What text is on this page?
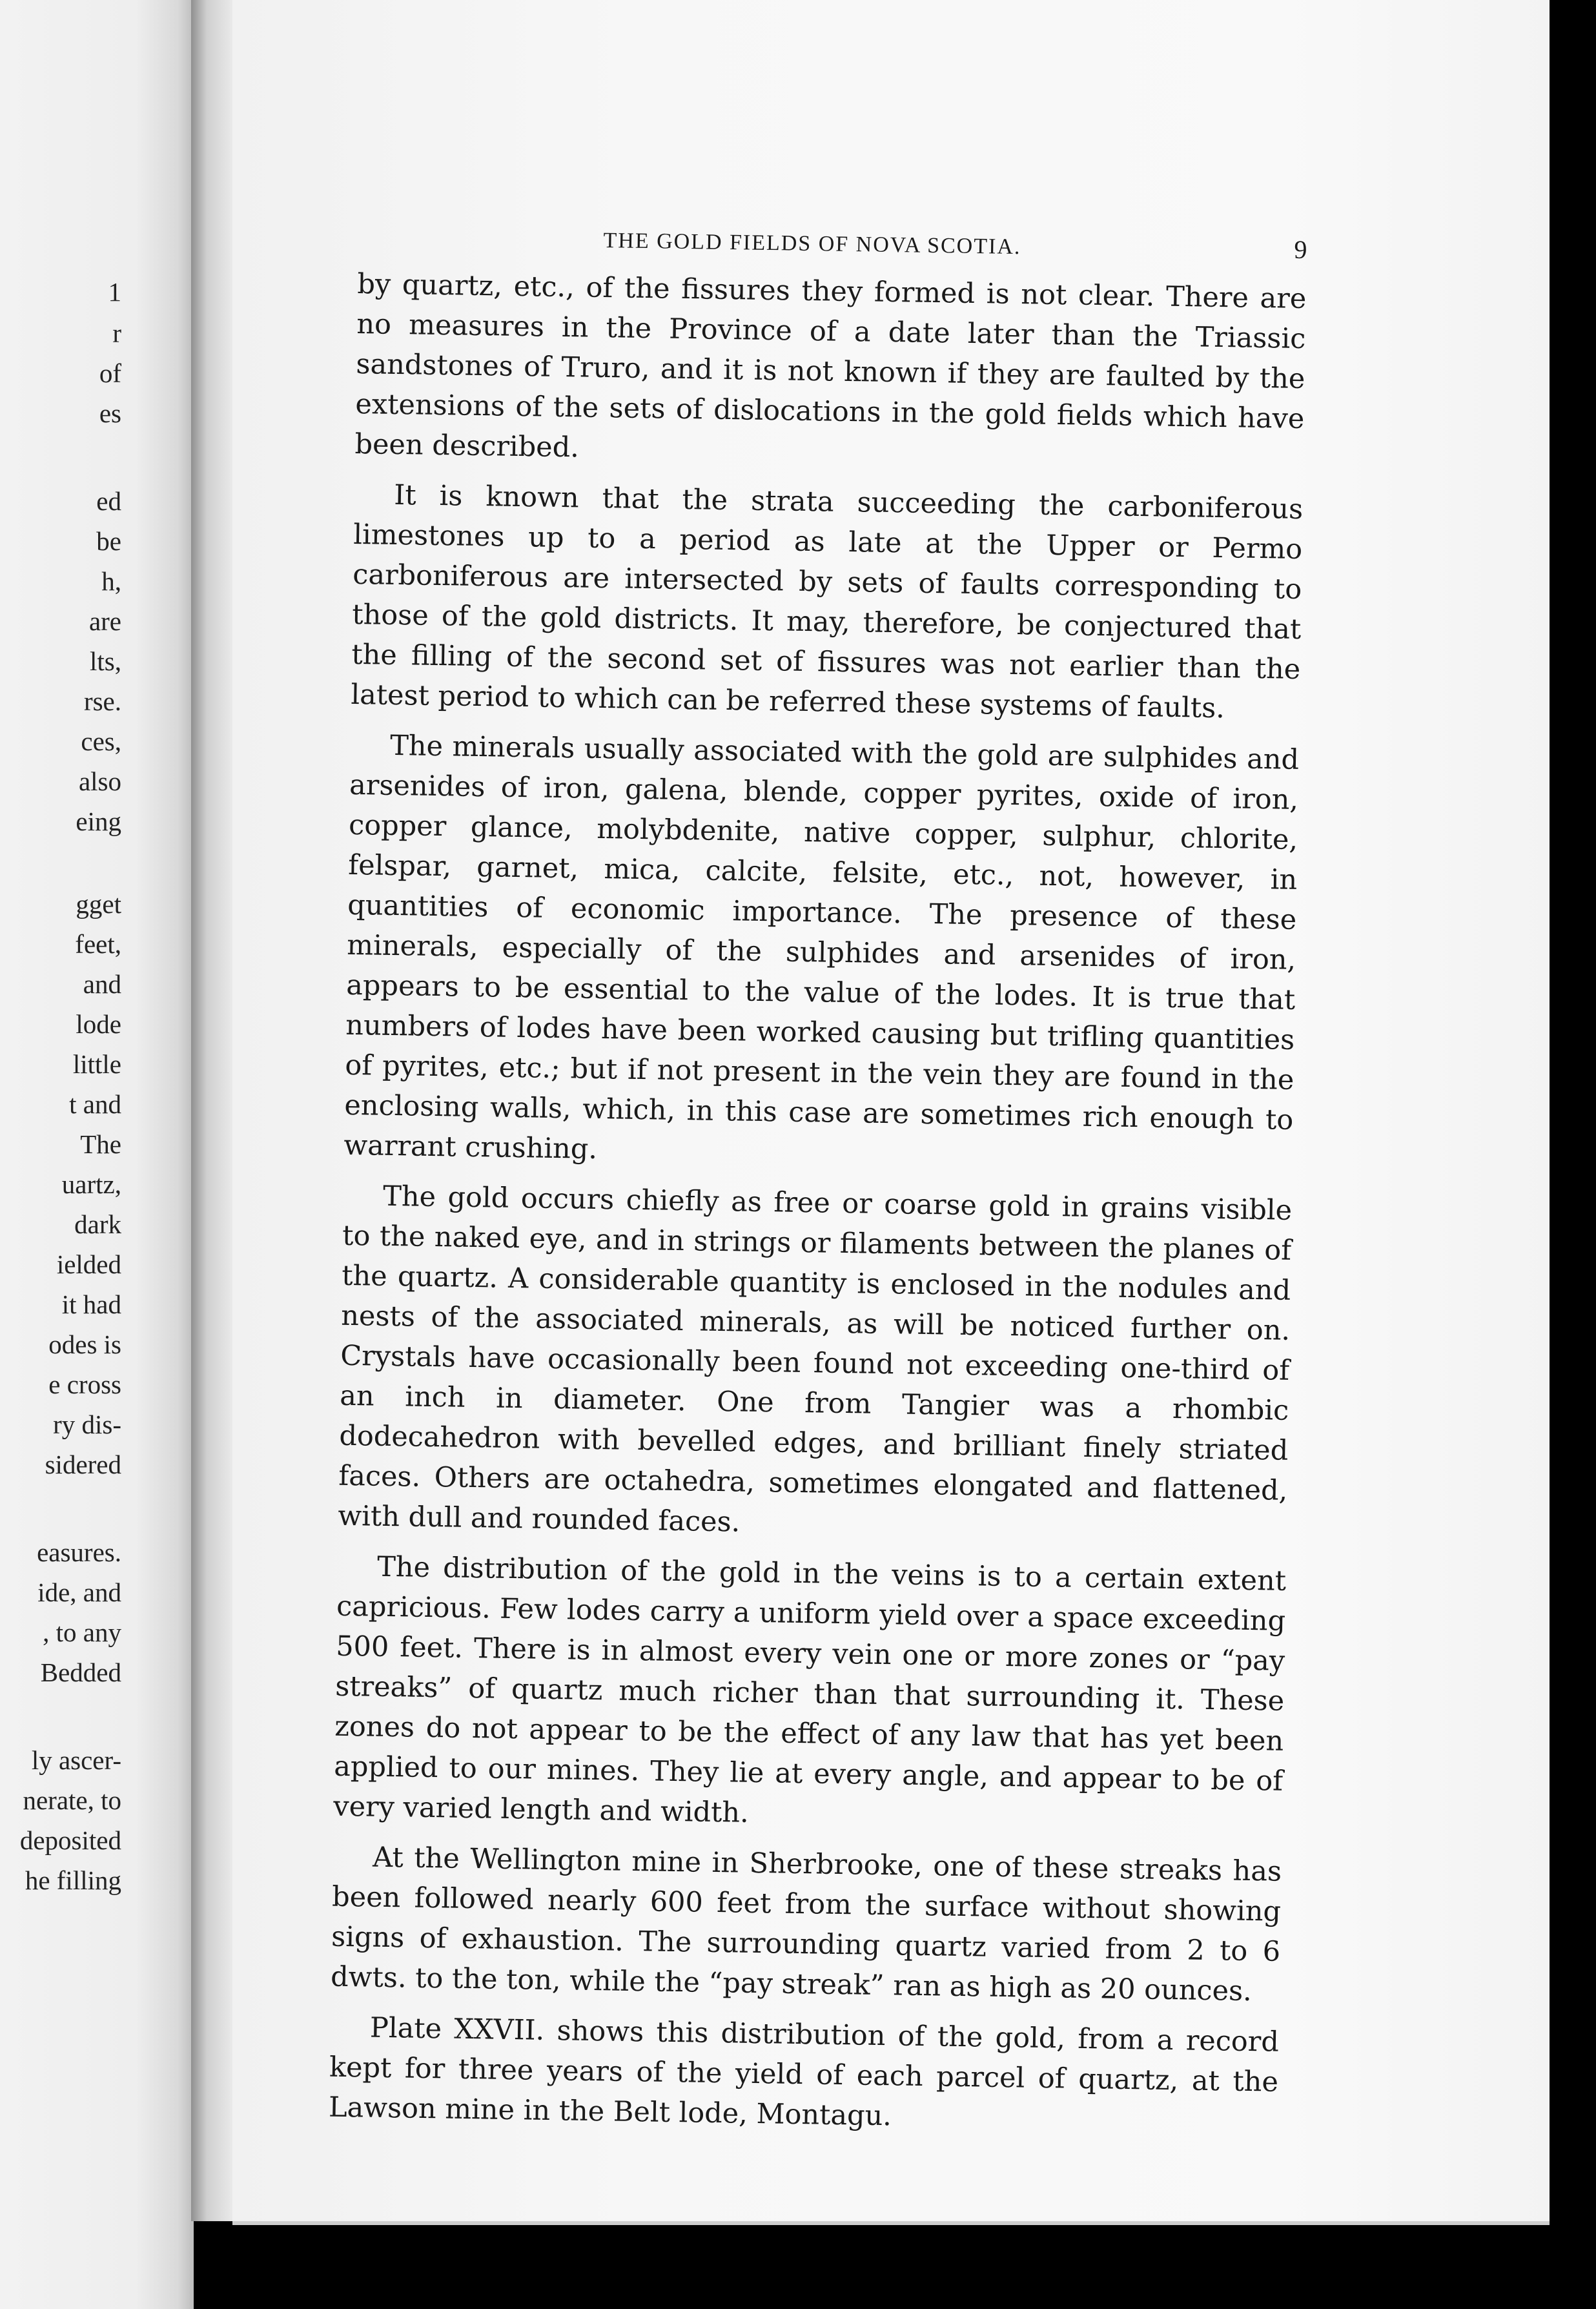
1
r
of
es
ed
be
h,
are
lts,
rse.
ces,
also
eing
gget
feet,
and
lode
little
t and
The
uartz,
dark
ielded
it had
odes is
e cross
ry dis-
sidered
easures.
ide, and
, to any
Bedded
ly ascer-
nerate, to
deposited
he filling
THE GOLD FIELDS OF NOVA SCOTIA.	9

by quartz, etc., of the fissures they formed is not clear. There are no measures in the Province of a date later than the Triassic sandstones of Truro, and it is not known if they are faulted by the extensions of the sets of dislocations in the gold fields which have been described.

It is known that the strata succeeding the carboniferous limestones up to a period as late at the Upper or Permo carboniferous are intersected by sets of faults corresponding to those of the gold districts. It may, therefore, be conjectured that the filling of the second set of fissures was not earlier than the latest period to which can be referred these systems of faults.

The minerals usually associated with the gold are sulphides and arsenides of iron, galena, blende, copper pyrites, oxide of iron, copper glance, molybdenite, native copper, sulphur, chlorite, felspar, garnet, mica, calcite, felsite, etc., not, however, in quantities of economic importance. The presence of these minerals, especially of the sulphides and arsenides of iron, appears to be essential to the value of the lodes. It is true that numbers of lodes have been worked causing but trifling quantities of pyrites, etc.; but if not present in the vein they are found in the enclosing walls, which, in this case are sometimes rich enough to warrant crushing.

The gold occurs chiefly as free or coarse gold in grains visible to the naked eye, and in strings or filaments between the planes of the quartz. A considerable quantity is enclosed in the nodules and nests of the associated minerals, as will be noticed further on. Crystals have occasionally been found not exceeding one-third of an inch in diameter. One from Tangier was a rhombic dodecahedron with bevelled edges, and brilliant finely striated faces. Others are octahedra, sometimes elongated and flattened, with dull and rounded faces.

The distribution of the gold in the veins is to a certain extent capricious. Few lodes carry a uniform yield over a space exceeding 500 feet. There is in almost every vein one or more zones or “pay streaks” of quartz much richer than that surrounding it. These zones do not appear to be the effect of any law that has yet been applied to our mines. They lie at every angle, and appear to be of very varied length and width.

At the Wellington mine in Sherbrooke, one of these streaks has been followed nearly 600 feet from the surface without showing signs of exhaustion. The surrounding quartz varied from 2 to 6 dwts. to the ton, while the “pay streak” ran as high as 20 ounces.

Plate XXVII. shows this distribution of the gold, from a record kept for three years of the yield of each parcel of quartz, at the Lawson mine in the Belt lode, Montagu.
